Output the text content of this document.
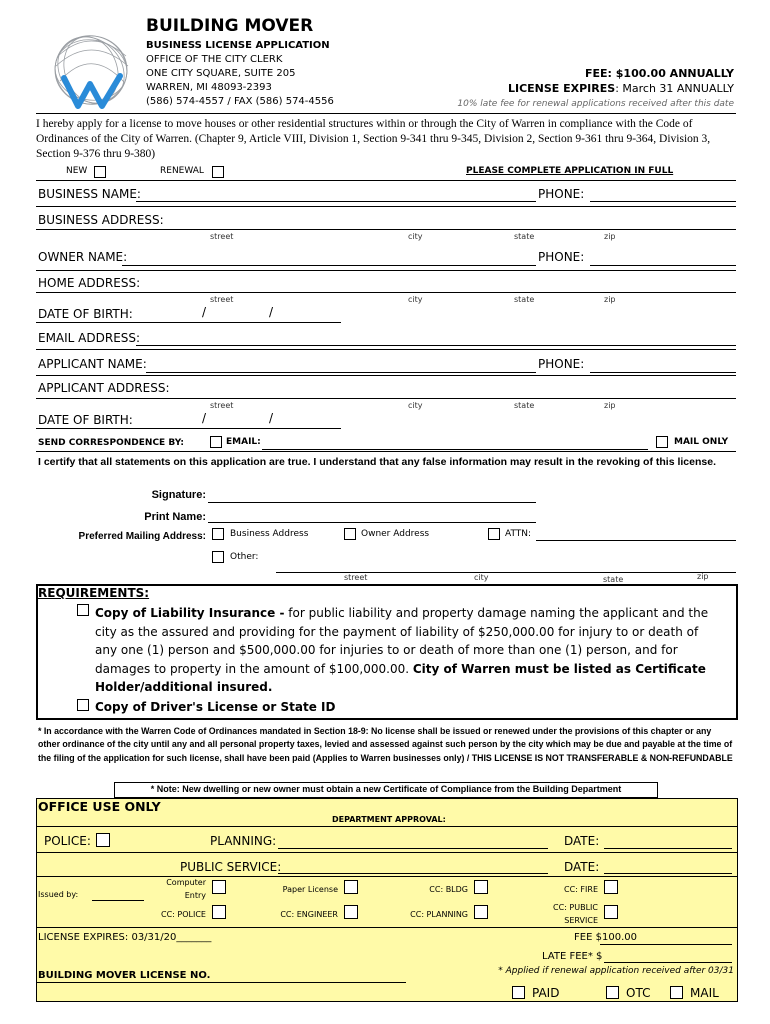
BUILDING MOVER
BUSINESS LICENSE APPLICATION
OFFICE OF THE CITY CLERK
ONE CITY SQUARE, SUITE 205
WARREN, MI 48093-2393
(586) 574-4557 / FAX (586) 574-4556
FEE: $100.00 ANNUALLY
LICENSE EXPIRES: March 31 ANNUALLY
10% late fee for renewal applications received after this date
I hereby apply for a license to move houses or other residential structures within or through the City of Warren in compliance with the Code of Ordinances of the City of Warren. (Chapter 9, Article VIII, Division 1, Section 9-341 thru 9-345, Division 2, Section 9-361 thru 9-364, Division 3, Section 9-376 thru 9-380)
NEW	RENEWAL	PLEASE COMPLETE APPLICATION IN FULL
BUSINESS NAME:	PHONE:
BUSINESS ADDRESS:
street	city	state	zip
OWNER NAME:	PHONE:
HOME ADDRESS:
street	city	state	zip
DATE OF BIRTH:	/	/
EMAIL ADDRESS:
APPLICANT NAME:	PHONE:
APPLICANT ADDRESS:
street	city	state	zip
DATE OF BIRTH:	/	/
SEND CORRESPONDENCE BY:	EMAIL:	MAIL ONLY
I certify that all statements on this application are true. I understand that any false information may result in the revoking of this license.
Signature:
Print Name:
Preferred Mailing Address:	Business Address	Owner Address	ATTN:
Other:
street	city	state	zip
REQUIREMENTS:
Copy of Liability Insurance - for public liability and property damage naming the applicant and the
city as the assured and providing for the payment of liability of $250,000.00 for injury to or death of
any one (1) person and $500,000.00 for injuries to or death of more than one (1) person, and for
damages to property in the amount of $100,000.00. City of Warren must be listed as Certificate
Holder/additional insured.
Copy of Driver's License or State ID
* In accordance with the Warren Code of Ordinances mandated in Section 18-9: No license shall be issued or renewed under the provisions of this chapter or any other ordinance of the city until any and all personal property taxes, levied and assessed against such person by the city which may be due and payable at the time of the filing of the application for such license, shall have been paid (Applies to Warren businesses only) / THIS LICENSE IS NOT TRANSFERABLE & NON-REFUNDABLE
* Note: New dwelling or new owner must obtain a new Certificate of Compliance from the Building Department
OFFICE USE ONLY
DEPARTMENT APPROVAL:
POLICE:	PLANNING:	DATE:
PUBLIC SERVICE:	DATE:
Issued by:
Computer
Entry
Paper License	CC: BLDG	CC: FIRE
CC: POLICE	CC: ENGINEER	CC: PLANNING
CC: PUBLIC
SERVICE
LICENSE EXPIRES: 03/31/20_______	FEE $ 100.00
LATE FEE* $
* Applied if renewal application received after 03/31
BUILDING MOVER LICENSE NO.
PAID	OTC	MAIL
